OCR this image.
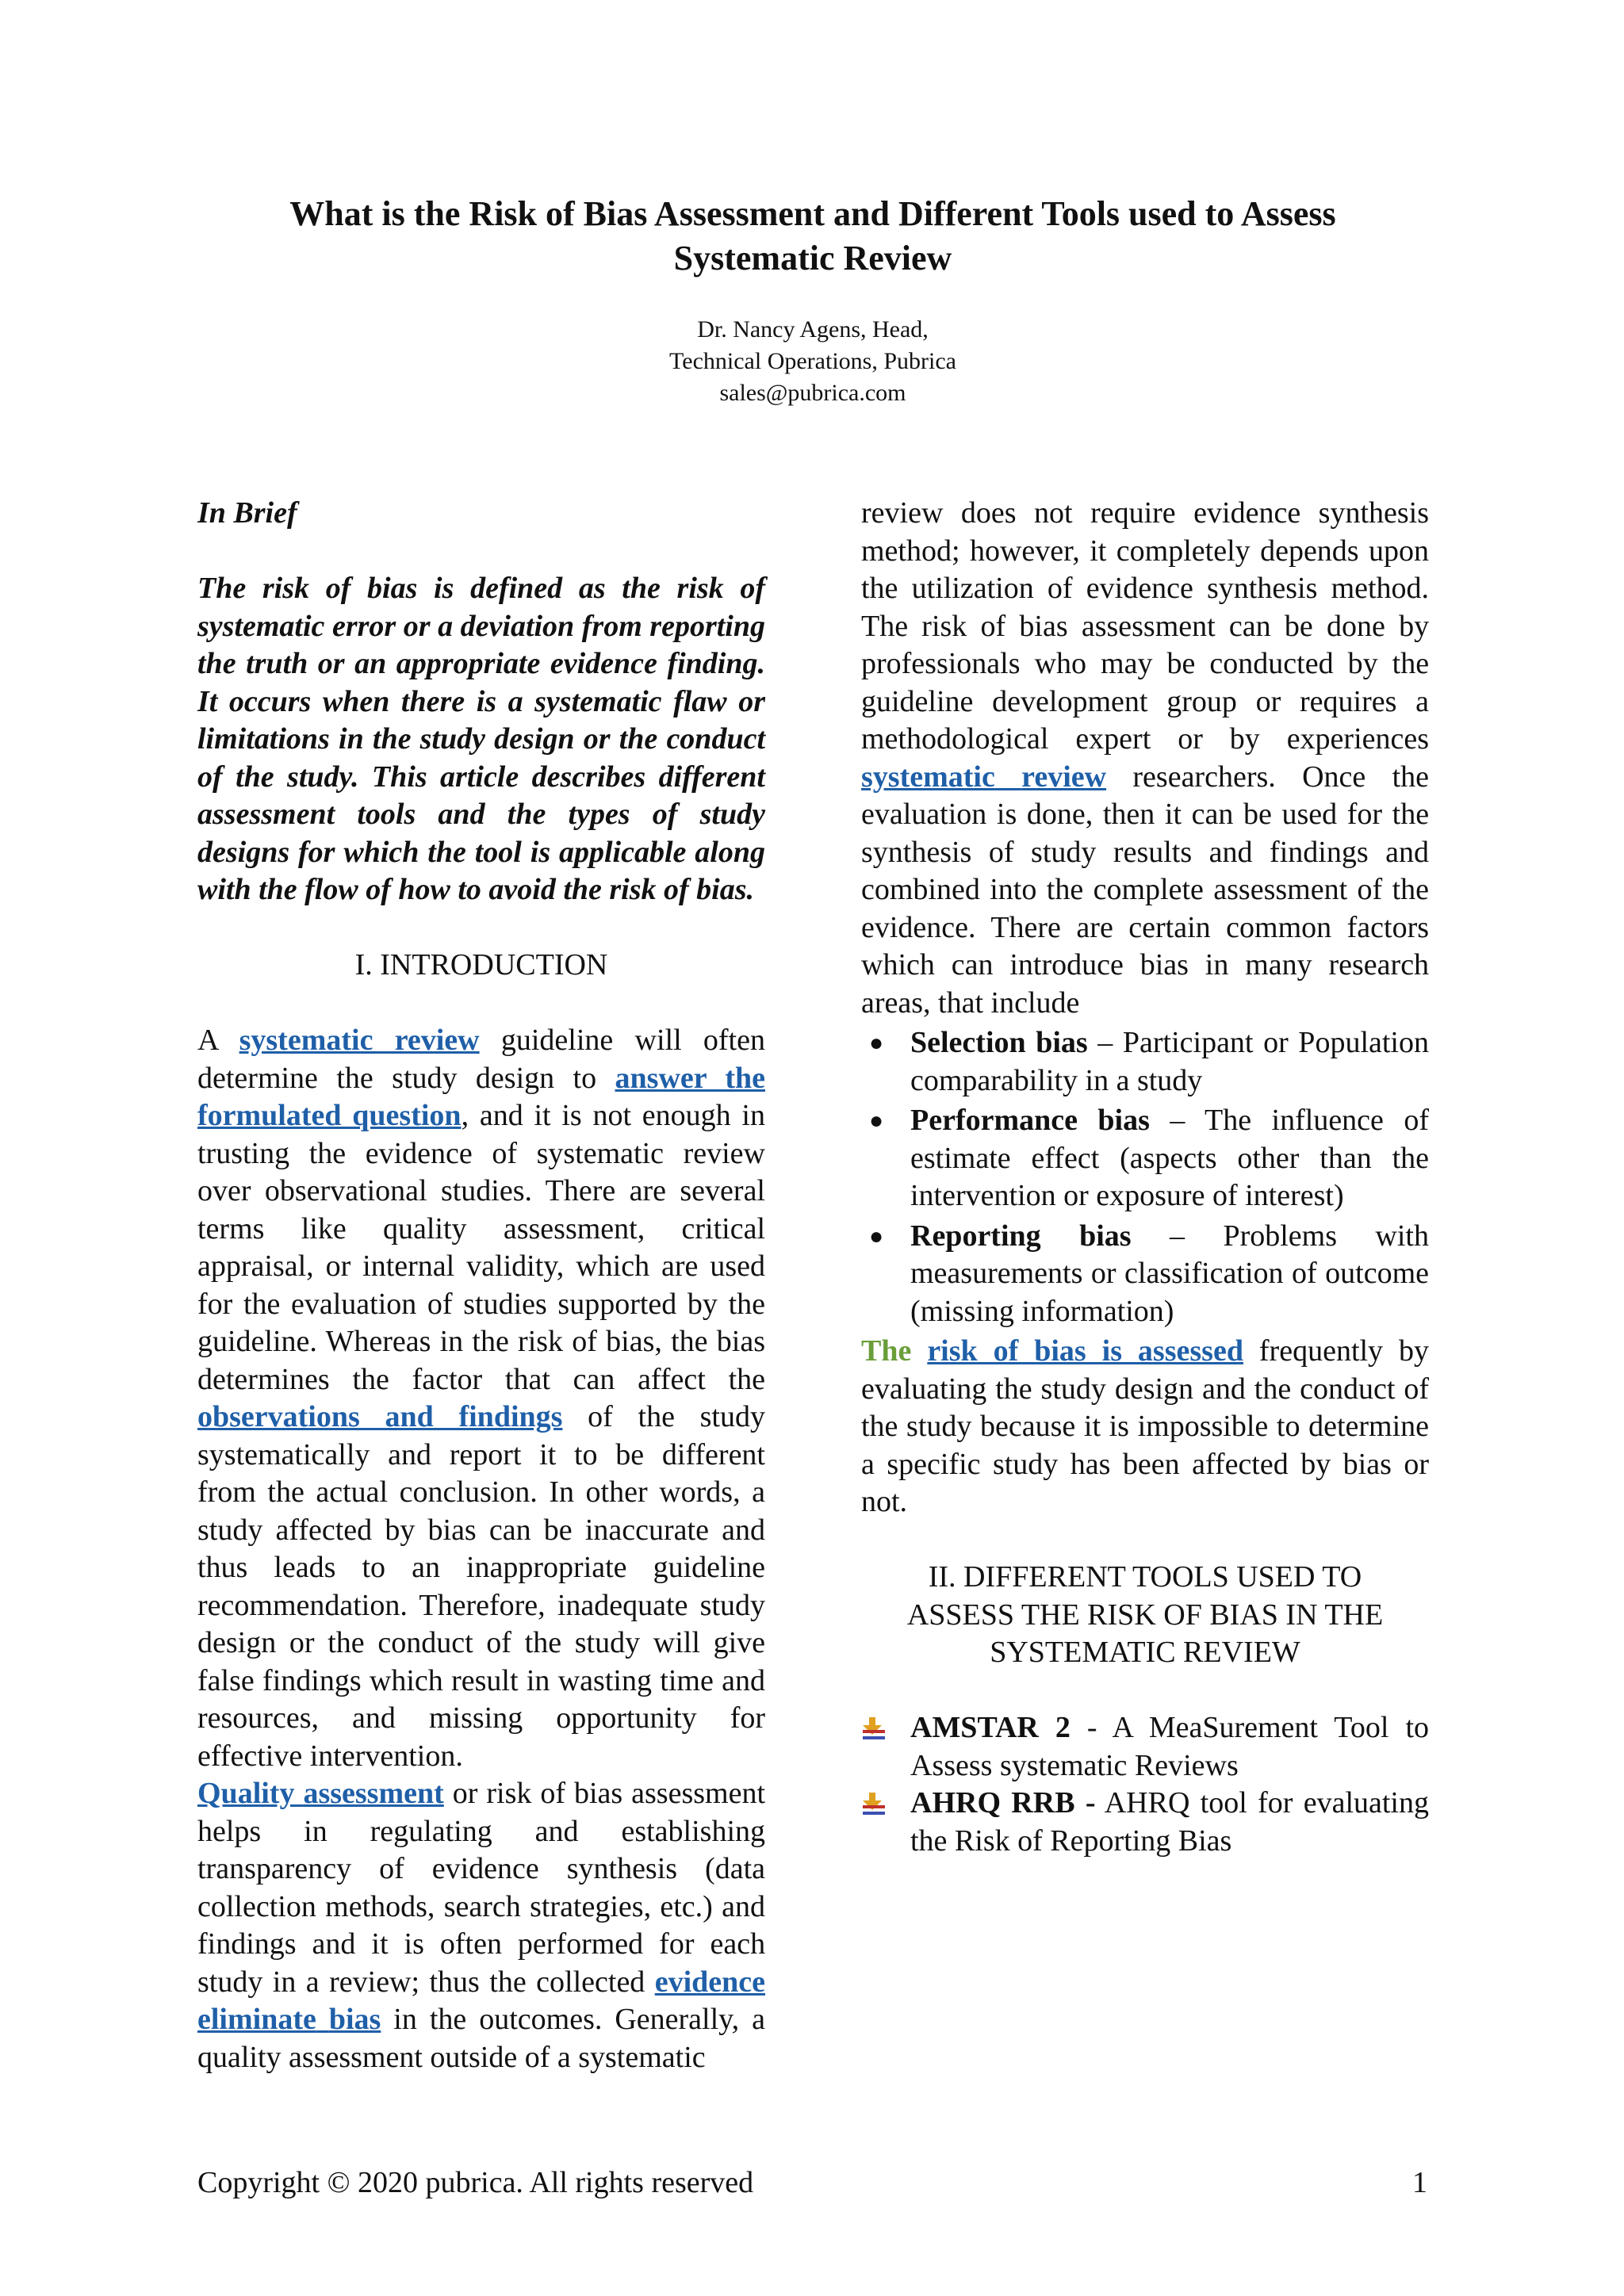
What is the Risk of Bias Assessment and Different Tools used to Assess
Systematic Review
Dr. Nancy Agens, Head,
Technical Operations, Pubrica
sales@pubrica.com

In Brief

The risk of bias is defined as the risk of systematic error or a deviation from reporting the truth or an appropriate evidence finding. It occurs when there is a systematic flaw or limitations in the study design or the conduct of the study. This article describes different assessment tools and the types of study designs for which the tool is applicable along with the flow of how to avoid the risk of bias.

I. INTRODUCTION

A systematic review guideline will often determine the study design to answer the formulated question, and it is not enough in trusting the evidence of systematic review over observational studies. There are several terms like quality assessment, critical appraisal, or internal validity, which are used for the evaluation of studies supported by the guideline. Whereas in the risk of bias, the bias determines the factor that can affect the observations and findings of the study systematically and report it to be different from the actual conclusion. In other words, a study affected by bias can be inaccurate and thus leads to an inappropriate guideline recommendation. Therefore, inadequate study design or the conduct of the study will give false findings which result in wasting time and resources, and missing opportunity for effective intervention.

Quality assessment or risk of bias assessment helps in regulating and establishing transparency of evidence synthesis (data collection methods, search strategies, etc.) and findings and it is often performed for each study in a review; thus the collected evidence eliminate bias in the outcomes. Generally, a quality assessment outside of a systematic

review does not require evidence synthesis method; however, it completely depends upon the utilization of evidence synthesis method. The risk of bias assessment can be done by professionals who may be conducted by the guideline development group or requires a methodological expert or by experiences systematic review researchers. Once the evaluation is done, then it can be used for the synthesis of study results and findings and combined into the complete assessment of the evidence. There are certain common factors which can introduce bias in many research areas, that include

● Selection bias – Participant or Population comparability in a study
● Performance bias – The influence of estimate effect (aspects other than the intervention or exposure of interest)
● Reporting bias – Problems with measurements or classification of outcome (missing information)

The risk of bias is assessed frequently by evaluating the study design and the conduct of the study because it is impossible to determine a specific study has been affected by bias or not.

II. DIFFERENT TOOLS USED TO
ASSESS THE RISK OF BIAS IN THE
SYSTEMATIC REVIEW

AMSTAR 2 - A MeaSurement Tool to Assess systematic Reviews
AHRQ RRB - AHRQ tool for evaluating the Risk of Reporting Bias
Copyright © 2020 pubrica. All rights reserved	1
